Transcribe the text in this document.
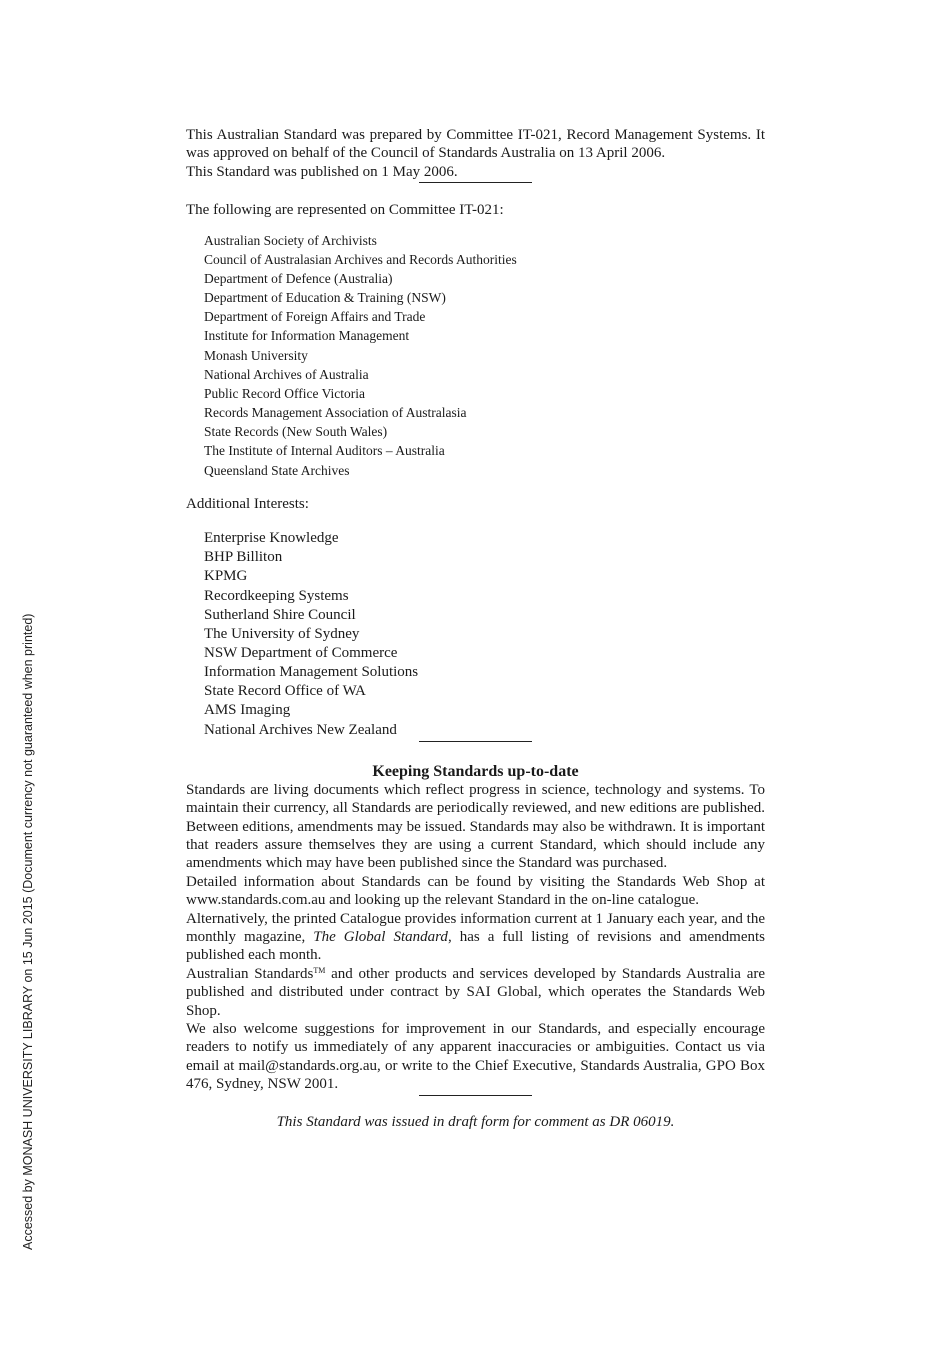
Accessed by MONASH UNIVERSITY LIBRARY on 15 Jun 2015 (Document currency not guaranteed when printed)

This Australian Standard was prepared by Committee IT-021, Record Management Systems. It was approved on behalf of the Council of Standards Australia on 13 April 2006.

This Standard was published on 1 May 2006.

The following are represented on Committee IT-021:

Australian Society of Archivists
Council of Australasian Archives and Records Authorities
Department of Defence (Australia)
Department of Education & Training (NSW)
Department of Foreign Affairs and Trade
Institute for Information Management
Monash University
National Archives of Australia
Public Record Office Victoria
Records Management Association of Australasia
State Records (New South Wales)
The Institute of Internal Auditors – Australia
Queensland State Archives

Additional Interests:

Enterprise Knowledge
BHP Billiton
KPMG
Recordkeeping Systems
Sutherland Shire Council
The University of Sydney
NSW Department of Commerce
Information Management Solutions
State Record Office of WA
AMS Imaging
National Archives New Zealand

Keeping Standards up-to-date

Standards are living documents which reflect progress in science, technology and systems. To maintain their currency, all Standards are periodically reviewed, and new editions are published. Between editions, amendments may be issued. Standards may also be withdrawn. It is important that readers assure themselves they are using a current Standard, which should include any amendments which may have been published since the Standard was purchased.

Detailed information about Standards can be found by visiting the Standards Web Shop at www.standards.com.au and looking up the relevant Standard in the on-line catalogue.

Alternatively, the printed Catalogue provides information current at 1 January each year, and the monthly magazine, The Global Standard, has a full listing of revisions and amendments published each month.

Australian Standards™ and other products and services developed by Standards Australia are published and distributed under contract by SAI Global, which operates the Standards Web Shop.

We also welcome suggestions for improvement in our Standards, and especially encourage readers to notify us immediately of any apparent inaccuracies or ambiguities. Contact us via email at mail@standards.org.au, or write to the Chief Executive, Standards Australia, GPO Box 476, Sydney, NSW 2001.

This Standard was issued in draft form for comment as DR 06019.
